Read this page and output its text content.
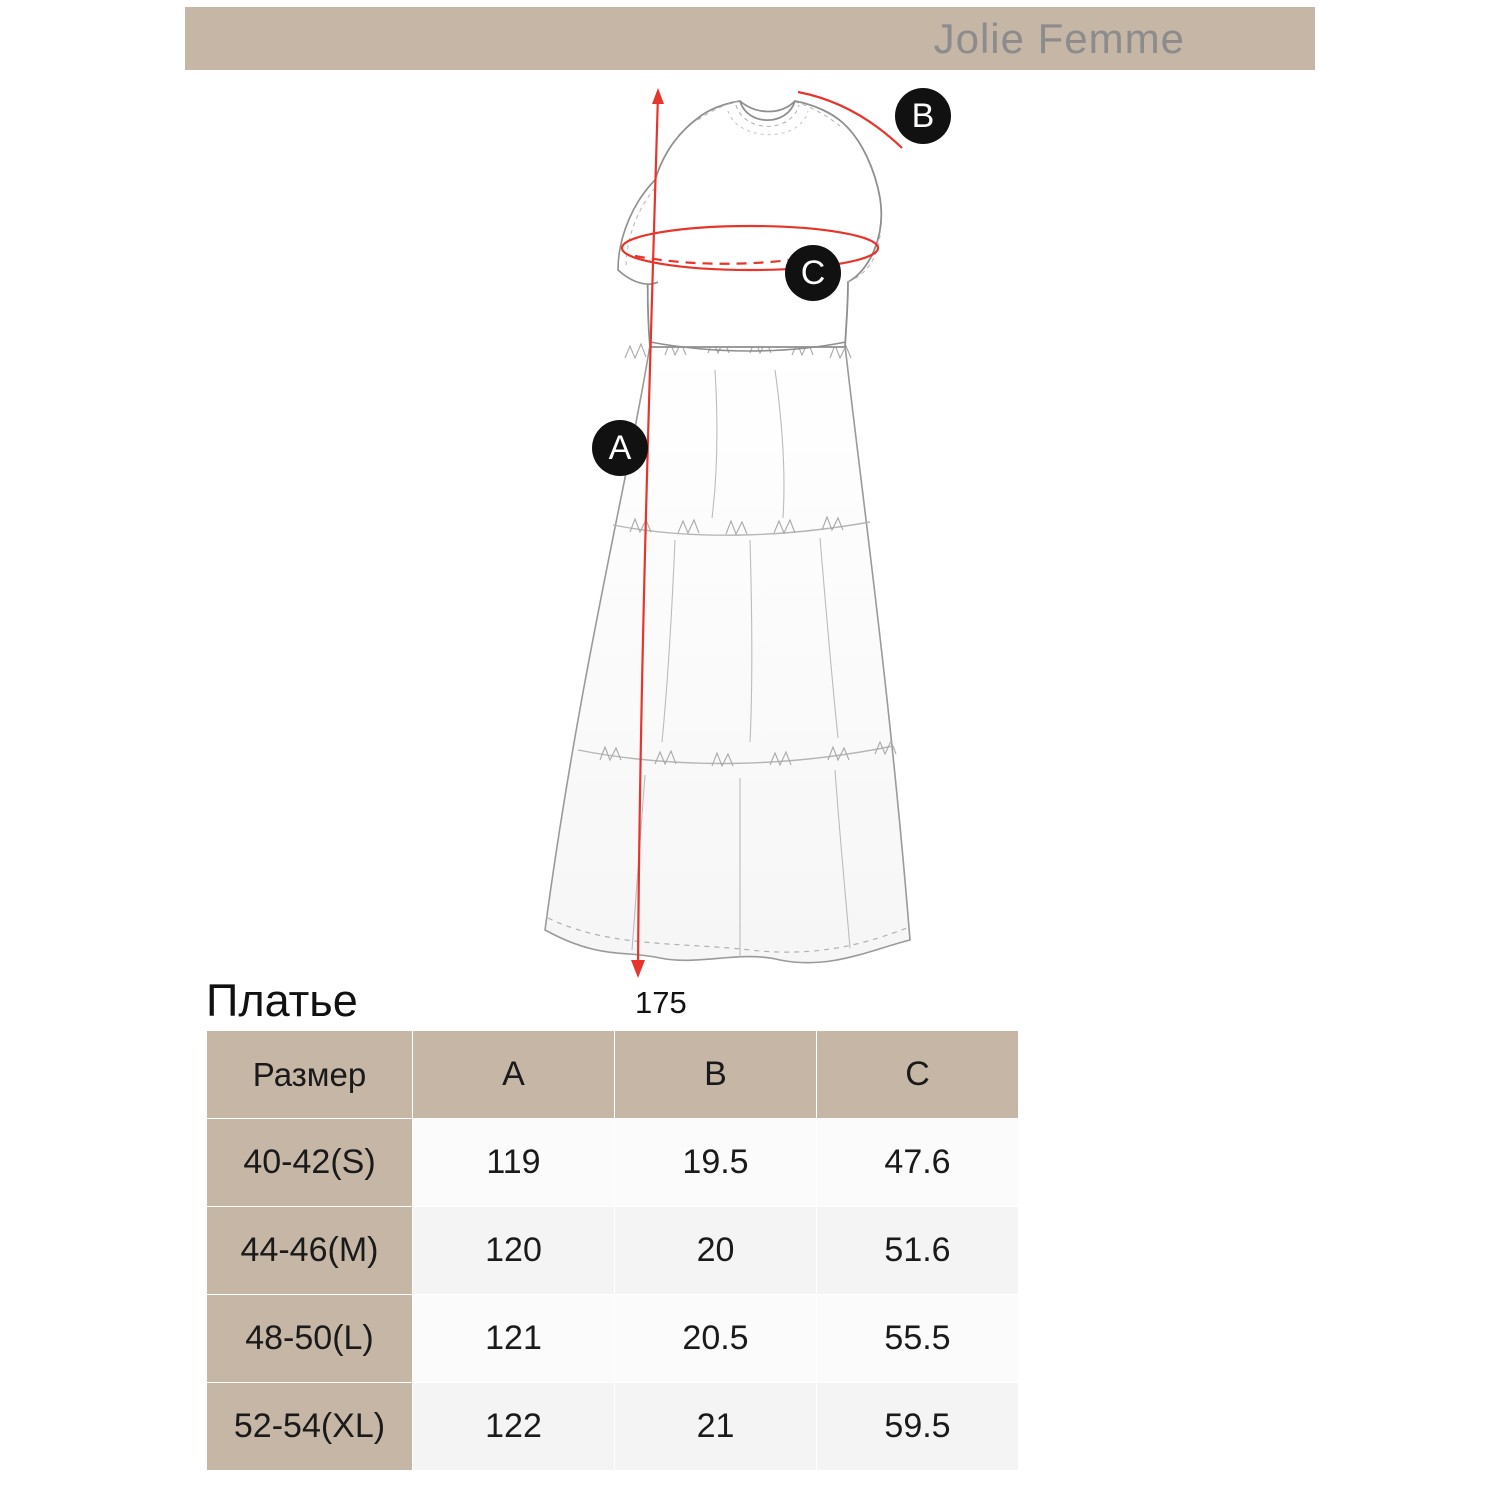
Jolie Femme
A
B
C
175
Платье
Размер	A	B	C
40-42(S)	119	19.5	47.6
44-46(M)	120	20	51.6
48-50(L)	121	20.5	55.5
52-54(XL)	122	21	59.5
